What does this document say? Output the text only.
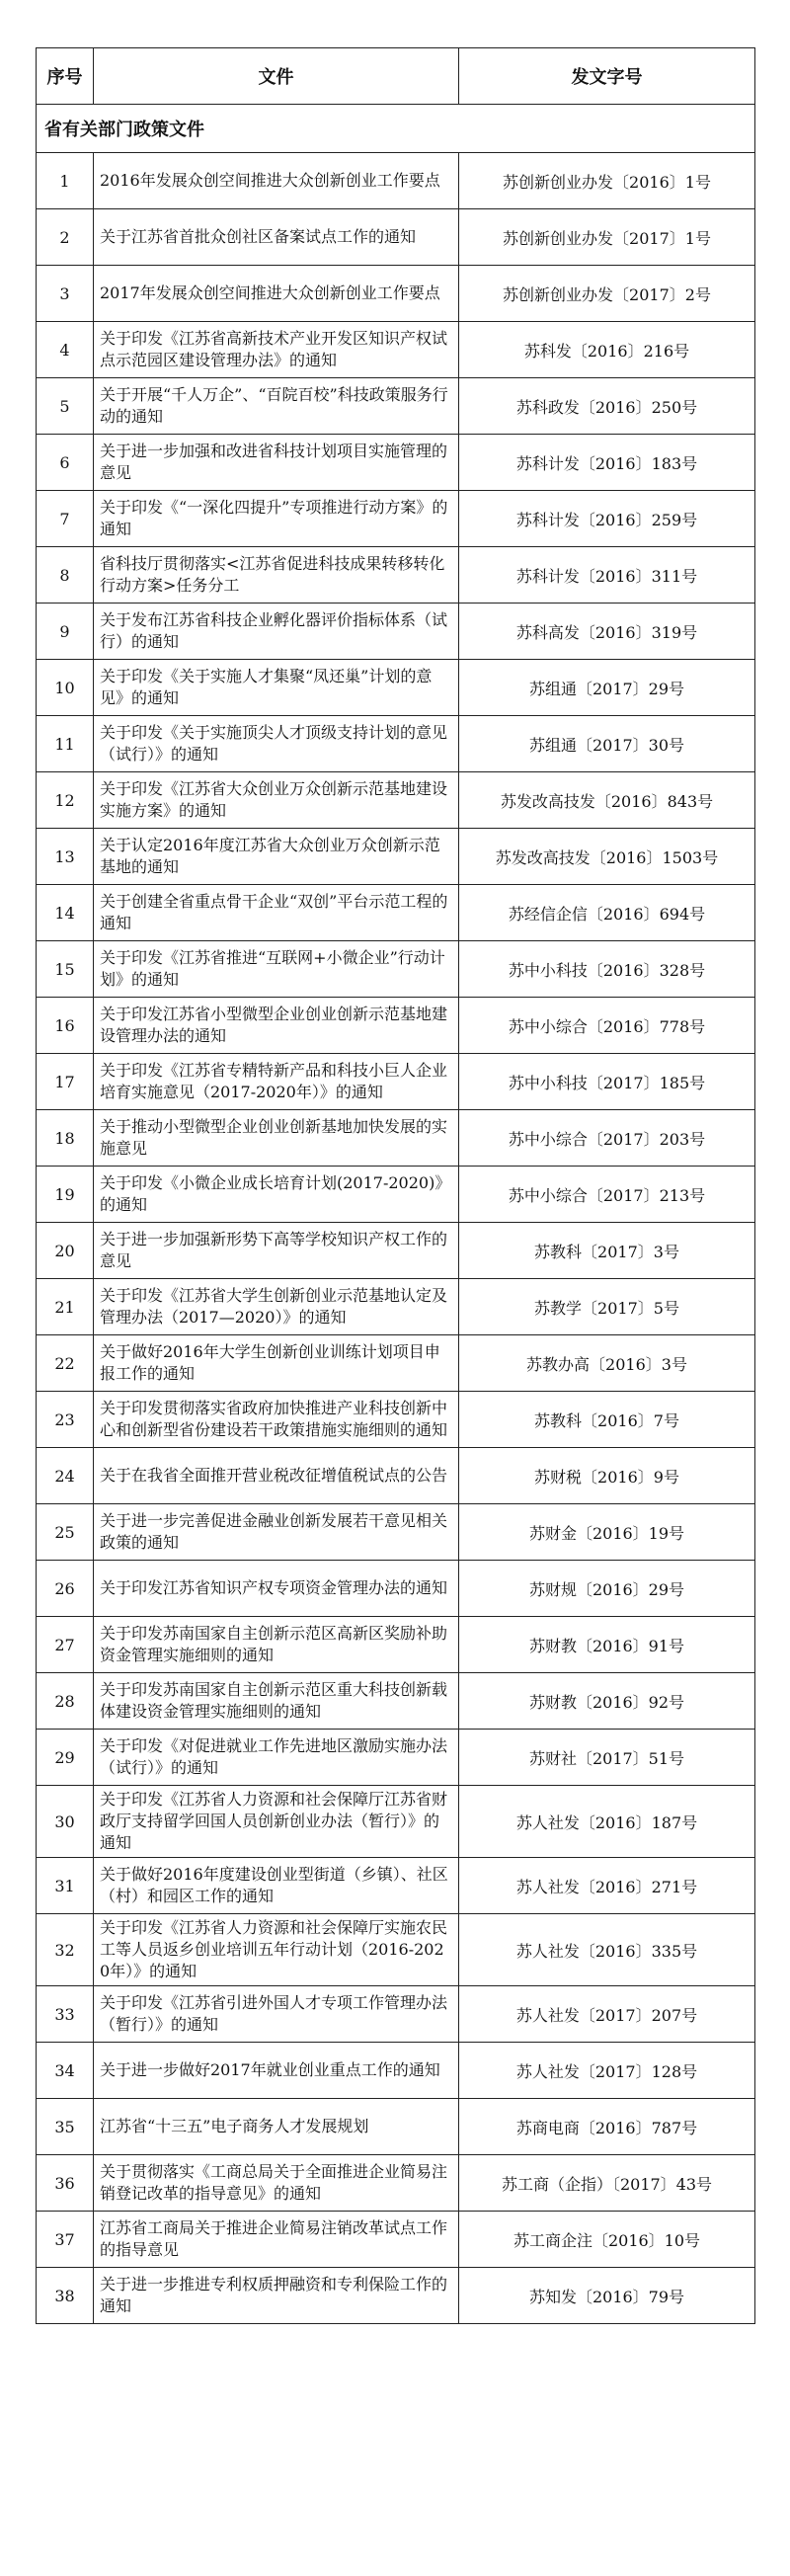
序号	文件	发文字号
省有关部门政策文件		
1	2016年发展众创空间推进大众创新创业工作要点	苏创新创业办发〔2016〕1号
2	关于江苏省首批众创社区备案试点工作的通知	苏创新创业办发〔2017〕1号
3	2017年发展众创空间推进大众创新创业工作要点	苏创新创业办发〔2017〕2号
4	关于印发《江苏省高新技术产业开发区知识产权试点示范园区建设管理办法》的通知	苏科发〔2016〕216号
5	关于开展“千人万企”、“百院百校”科技政策服务行动的通知	苏科政发〔2016〕250号
6	关于进一步加强和改进省科技计划项目实施管理的意见	苏科计发〔2016〕183号
7	关于印发《“一深化四提升”专项推进行动方案》的通知	苏科计发〔2016〕259号
8	省科技厅贯彻落实<江苏省促进科技成果转移转化行动方案>任务分工	苏科计发〔2016〕311号
9	关于发布江苏省科技企业孵化器评价指标体系（试行）的通知	苏科高发〔2016〕319号
10	关于印发《关于实施人才集聚“凤还巢”计划的意见》的通知	苏组通〔2017〕29号
11	关于印发《关于实施顶尖人才顶级支持计划的意见（试行）》的通知	苏组通〔2017〕30号
12	关于印发《江苏省大众创业万众创新示范基地建设实施方案》的通知	苏发改高技发〔2016〕843号
13	关于认定2016年度江苏省大众创业万众创新示范基地的通知	苏发改高技发〔2016〕1503号
14	关于创建全省重点骨干企业“双创”平台示范工程的通知	苏经信企信〔2016〕694号
15	关于印发《江苏省推进“互联网+小微企业”行动计划》的通知	苏中小科技〔2016〕328号
16	关于印发江苏省小型微型企业创业创新示范基地建设管理办法的通知	苏中小综合〔2016〕778号
17	关于印发《江苏省专精特新产品和科技小巨人企业培育实施意见（2017-2020年）》的通知	苏中小科技〔2017〕185号
18	关于推动小型微型企业创业创新基地加快发展的实施意见	苏中小综合〔2017〕203号
19	关于印发《小微企业成长培育计划(2017-2020)》的通知	苏中小综合〔2017〕213号
20	关于进一步加强新形势下高等学校知识产权工作的意见	苏教科〔2017〕3号
21	关于印发《江苏省大学生创新创业示范基地认定及管理办法（2017—2020）》的通知	苏教学〔2017〕5号
22	关于做好2016年大学生创新创业训练计划项目申报工作的通知	苏教办高〔2016〕3号
23	关于印发贯彻落实省政府加快推进产业科技创新中心和创新型省份建设若干政策措施实施细则的通知	苏教科〔2016〕7号
24	关于在我省全面推开营业税改征增值税试点的公告	苏财税〔2016〕9号
25	关于进一步完善促进金融业创新发展若干意见相关政策的通知	苏财金〔2016〕19号
26	关于印发江苏省知识产权专项资金管理办法的通知	苏财规〔2016〕29号
27	关于印发苏南国家自主创新示范区高新区奖励补助资金管理实施细则的通知	苏财教〔2016〕91号
28	关于印发苏南国家自主创新示范区重大科技创新载体建设资金管理实施细则的通知	苏财教〔2016〕92号
29	关于印发《对促进就业工作先进地区激励实施办法（试行）》的通知	苏财社〔2017〕51号
30	关于印发《江苏省人力资源和社会保障厅江苏省财政厅支持留学回国人员创新创业办法（暂行）》的通知	苏人社发〔2016〕187号
31	关于做好2016年度建设创业型街道（乡镇）、社区（村）和园区工作的通知	苏人社发〔2016〕271号
32	关于印发《江苏省人力资源和社会保障厅实施农民工等人员返乡创业培训五年行动计划（2016-2020年）》的通知	苏人社发〔2016〕335号
33	关于印发《江苏省引进外国人才专项工作管理办法（暂行）》的通知	苏人社发〔2017〕207号
34	关于进一步做好2017年就业创业重点工作的通知	苏人社发〔2017〕128号
35	江苏省“十三五”电子商务人才发展规划	苏商电商〔2016〕787号
36	关于贯彻落实《工商总局关于全面推进企业简易注销登记改革的指导意见》的通知	苏工商（企指）〔2017〕43号
37	江苏省工商局关于推进企业简易注销改革试点工作的指导意见	苏工商企注〔2016〕10号
38	关于进一步推进专利权质押融资和专利保险工作的通知	苏知发〔2016〕79号
